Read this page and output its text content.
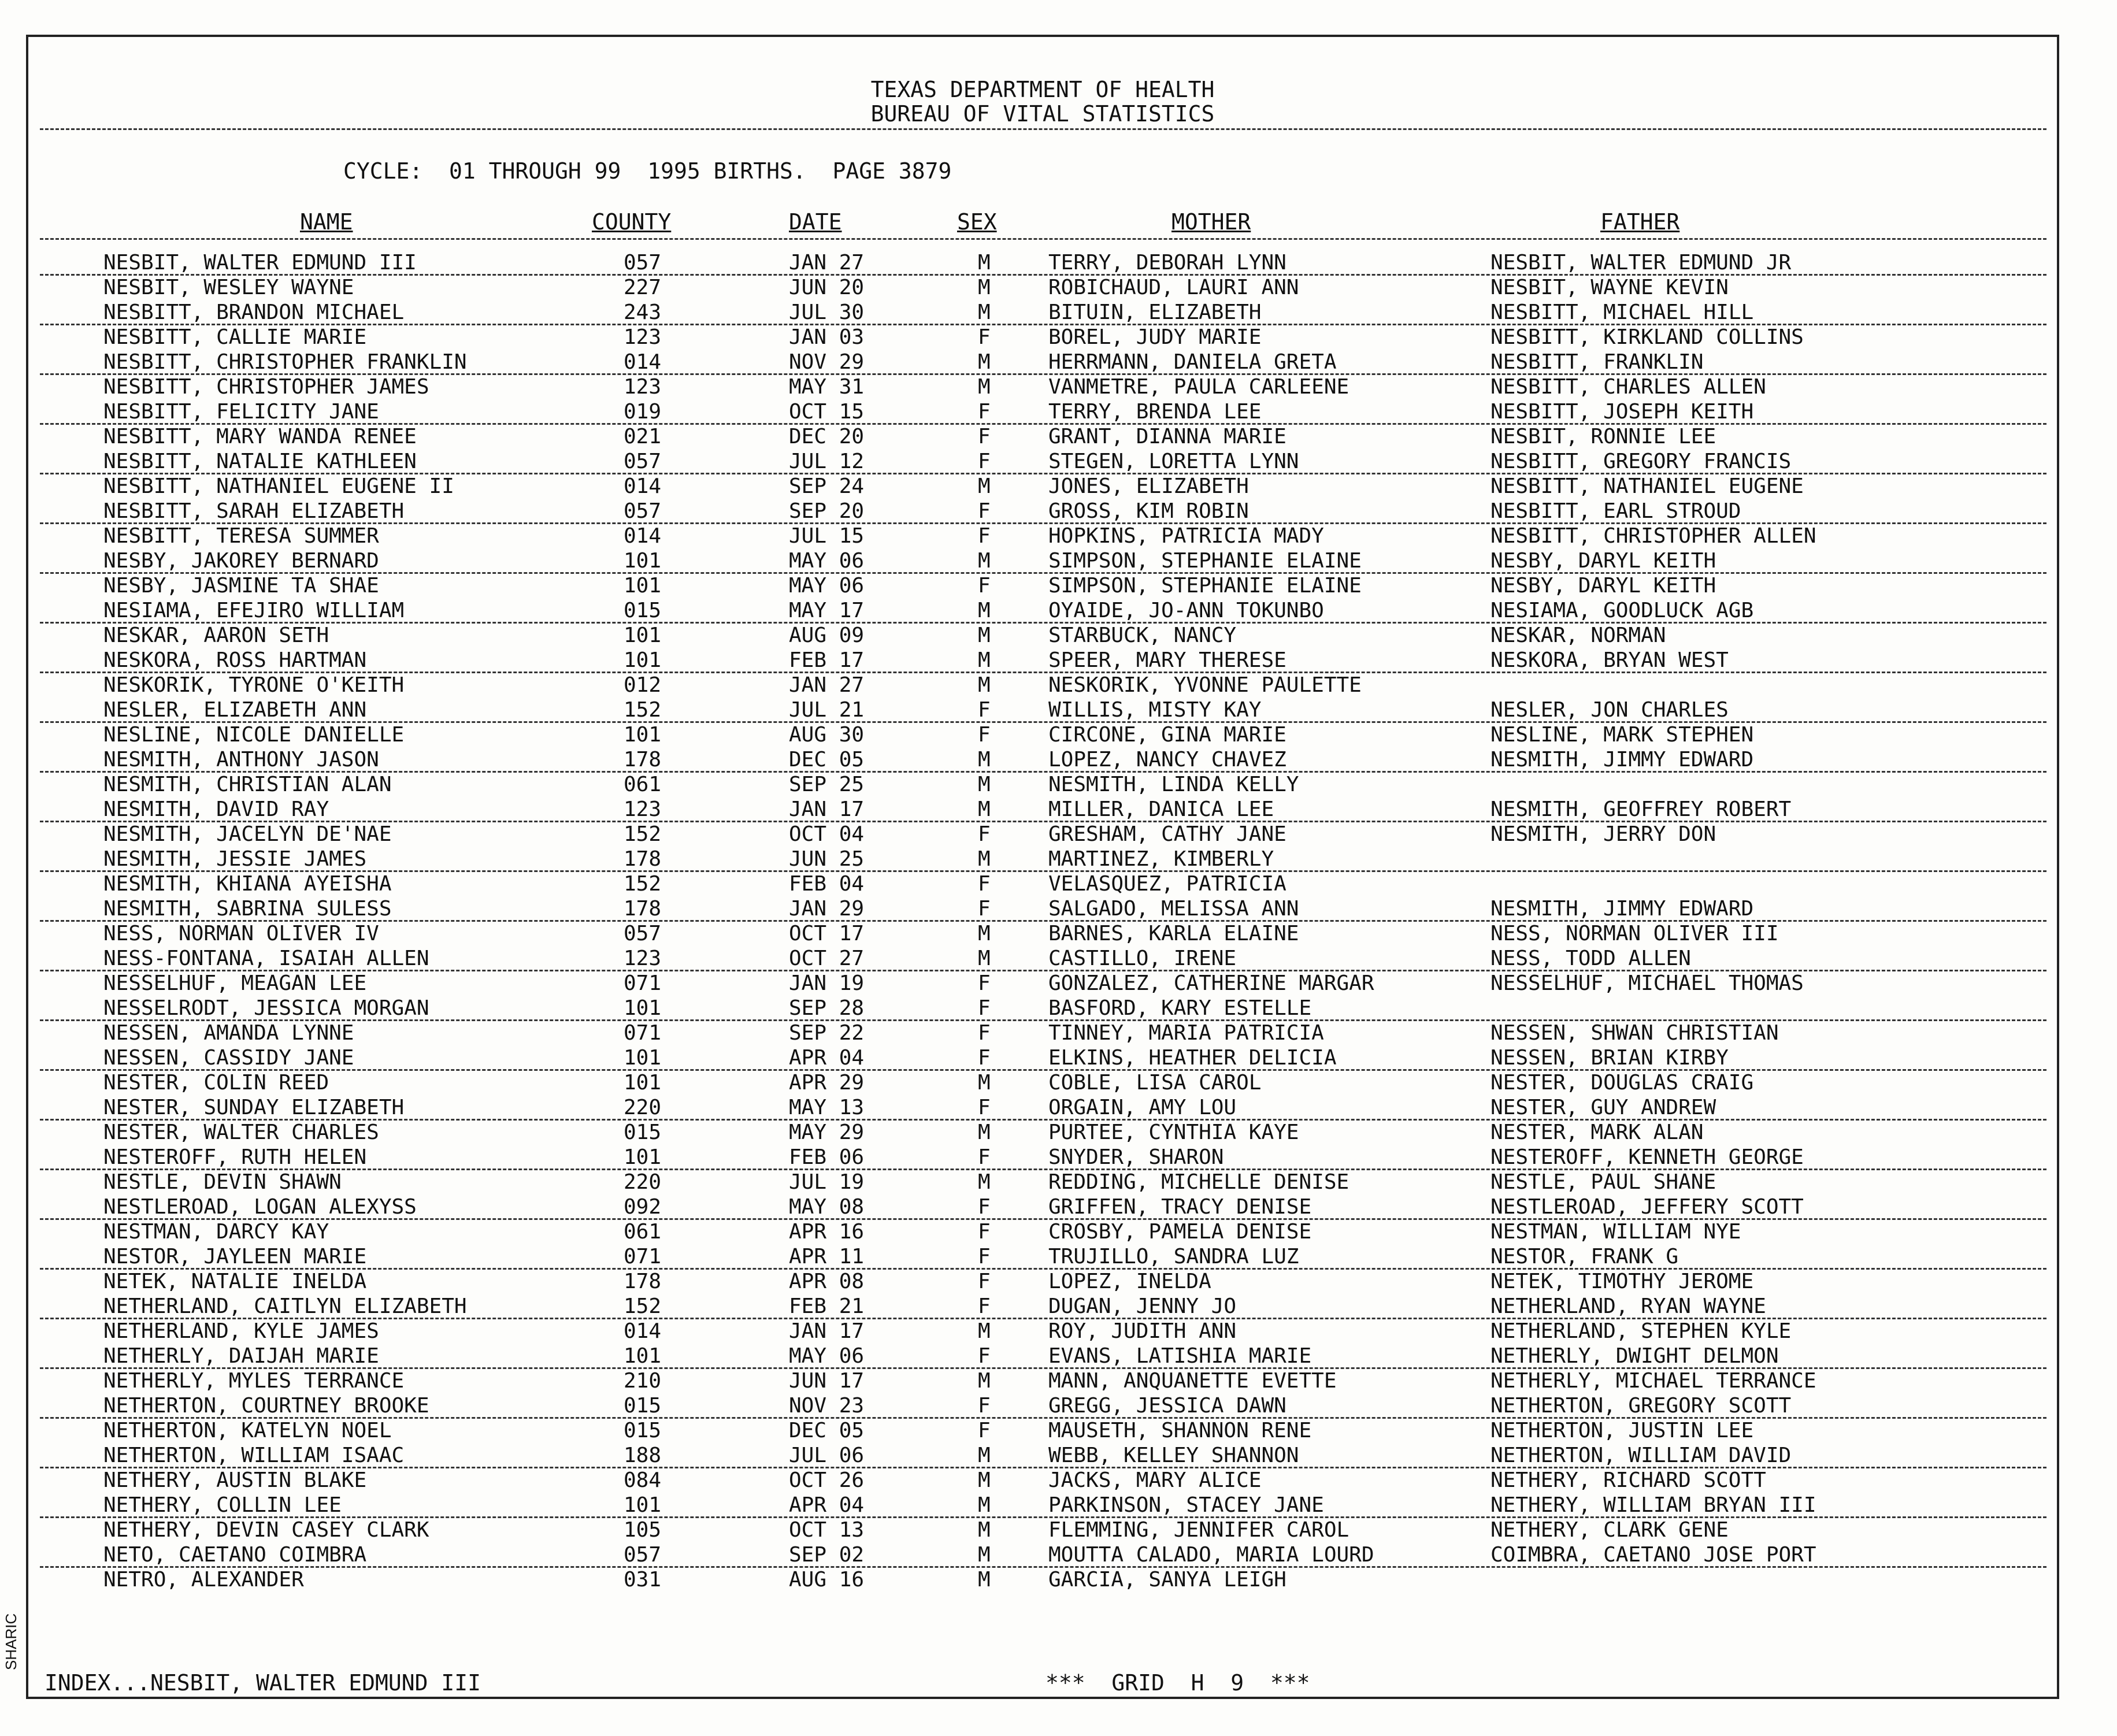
TEXAS DEPARTMENT OF HEALTH
BUREAU OF VITAL STATISTICS
CYCLE:  01 THROUGH 99  1995 BIRTHS.  PAGE 3879
NAME	COUNTY	DATE	SEX	MOTHER	FATHER
NESBIT, WALTER EDMUND III	057	JAN 27	M	TERRY, DEBORAH LYNN	NESBIT, WALTER EDMUND JR
NESBIT, WESLEY WAYNE	227	JUN 20	M	ROBICHAUD, LAURI ANN	NESBIT, WAYNE KEVIN
NESBITT, BRANDON MICHAEL	243	JUL 30	M	BITUIN, ELIZABETH	NESBITT, MICHAEL HILL
NESBITT, CALLIE MARIE	123	JAN 03	F	BOREL, JUDY MARIE	NESBITT, KIRKLAND COLLINS
NESBITT, CHRISTOPHER FRANKLIN	014	NOV 29	M	HERRMANN, DANIELA GRETA	NESBITT, FRANKLIN
NESBITT, CHRISTOPHER JAMES	123	MAY 31	M	VANMETRE, PAULA CARLEENE	NESBITT, CHARLES ALLEN
NESBITT, FELICITY JANE	019	OCT 15	F	TERRY, BRENDA LEE	NESBITT, JOSEPH KEITH
NESBITT, MARY WANDA RENEE	021	DEC 20	F	GRANT, DIANNA MARIE	NESBIT, RONNIE LEE
NESBITT, NATALIE KATHLEEN	057	JUL 12	F	STEGEN, LORETTA LYNN	NESBITT, GREGORY FRANCIS
NESBITT, NATHANIEL EUGENE II	014	SEP 24	M	JONES, ELIZABETH	NESBITT, NATHANIEL EUGENE
NESBITT, SARAH ELIZABETH	057	SEP 20	F	GROSS, KIM ROBIN	NESBITT, EARL STROUD
NESBITT, TERESA SUMMER	014	JUL 15	F	HOPKINS, PATRICIA MADY	NESBITT, CHRISTOPHER ALLEN
NESBY, JAKOREY BERNARD	101	MAY 06	M	SIMPSON, STEPHANIE ELAINE	NESBY, DARYL KEITH
NESBY, JASMINE TA SHAE	101	MAY 06	F	SIMPSON, STEPHANIE ELAINE	NESBY, DARYL KEITH
NESIAMA, EFEJIRO WILLIAM	015	MAY 17	M	OYAIDE, JO-ANN TOKUNBO	NESIAMA, GOODLUCK AGB
NESKAR, AARON SETH	101	AUG 09	M	STARBUCK, NANCY	NESKAR, NORMAN
NESKORA, ROSS HARTMAN	101	FEB 17	M	SPEER, MARY THERESE	NESKORA, BRYAN WEST
NESKORIK, TYRONE O'KEITH	012	JAN 27	M	NESKORIK, YVONNE PAULETTE
NESLER, ELIZABETH ANN	152	JUL 21	F	WILLIS, MISTY KAY	NESLER, JON CHARLES
NESLINE, NICOLE DANIELLE	101	AUG 30	F	CIRCONE, GINA MARIE	NESLINE, MARK STEPHEN
NESMITH, ANTHONY JASON	178	DEC 05	M	LOPEZ, NANCY CHAVEZ	NESMITH, JIMMY EDWARD
NESMITH, CHRISTIAN ALAN	061	SEP 25	M	NESMITH, LINDA KELLY
NESMITH, DAVID RAY	123	JAN 17	M	MILLER, DANICA LEE	NESMITH, GEOFFREY ROBERT
NESMITH, JACELYN DE'NAE	152	OCT 04	F	GRESHAM, CATHY JANE	NESMITH, JERRY DON
NESMITH, JESSIE JAMES	178	JUN 25	M	MARTINEZ, KIMBERLY
NESMITH, KHIANA AYEISHA	152	FEB 04	F	VELASQUEZ, PATRICIA
NESMITH, SABRINA SULESS	178	JAN 29	F	SALGADO, MELISSA ANN	NESMITH, JIMMY EDWARD
NESS, NORMAN OLIVER IV	057	OCT 17	M	BARNES, KARLA ELAINE	NESS, NORMAN OLIVER III
NESS-FONTANA, ISAIAH ALLEN	123	OCT 27	M	CASTILLO, IRENE	NESS, TODD ALLEN
NESSELHUF, MEAGAN LEE	071	JAN 19	F	GONZALEZ, CATHERINE MARGAR	NESSELHUF, MICHAEL THOMAS
NESSELRODT, JESSICA MORGAN	101	SEP 28	F	BASFORD, KARY ESTELLE
NESSEN, AMANDA LYNNE	071	SEP 22	F	TINNEY, MARIA PATRICIA	NESSEN, SHWAN CHRISTIAN
NESSEN, CASSIDY JANE	101	APR 04	F	ELKINS, HEATHER DELICIA	NESSEN, BRIAN KIRBY
NESTER, COLIN REED	101	APR 29	M	COBLE, LISA CAROL	NESTER, DOUGLAS CRAIG
NESTER, SUNDAY ELIZABETH	220	MAY 13	F	ORGAIN, AMY LOU	NESTER, GUY ANDREW
NESTER, WALTER CHARLES	015	MAY 29	M	PURTEE, CYNTHIA KAYE	NESTER, MARK ALAN
NESTEROFF, RUTH HELEN	101	FEB 06	F	SNYDER, SHARON	NESTEROFF, KENNETH GEORGE
NESTLE, DEVIN SHAWN	220	JUL 19	M	REDDING, MICHELLE DENISE	NESTLE, PAUL SHANE
NESTLEROAD, LOGAN ALEXYSS	092	MAY 08	F	GRIFFEN, TRACY DENISE	NESTLEROAD, JEFFERY SCOTT
NESTMAN, DARCY KAY	061	APR 16	F	CROSBY, PAMELA DENISE	NESTMAN, WILLIAM NYE
NESTOR, JAYLEEN MARIE	071	APR 11	F	TRUJILLO, SANDRA LUZ	NESTOR, FRANK G
NETEK, NATALIE INELDA	178	APR 08	F	LOPEZ, INELDA	NETEK, TIMOTHY JEROME
NETHERLAND, CAITLYN ELIZABETH	152	FEB 21	F	DUGAN, JENNY JO	NETHERLAND, RYAN WAYNE
NETHERLAND, KYLE JAMES	014	JAN 17	M	ROY, JUDITH ANN	NETHERLAND, STEPHEN KYLE
NETHERLY, DAIJAH MARIE	101	MAY 06	F	EVANS, LATISHIA MARIE	NETHERLY, DWIGHT DELMON
NETHERLY, MYLES TERRANCE	210	JUN 17	M	MANN, ANQUANETTE EVETTE	NETHERLY, MICHAEL TERRANCE
NETHERTON, COURTNEY BROOKE	015	NOV 23	F	GREGG, JESSICA DAWN	NETHERTON, GREGORY SCOTT
NETHERTON, KATELYN NOEL	015	DEC 05	F	MAUSETH, SHANNON RENE	NETHERTON, JUSTIN LEE
NETHERTON, WILLIAM ISAAC	188	JUL 06	M	WEBB, KELLEY SHANNON	NETHERTON, WILLIAM DAVID
NETHERY, AUSTIN BLAKE	084	OCT 26	M	JACKS, MARY ALICE	NETHERY, RICHARD SCOTT
NETHERY, COLLIN LEE	101	APR 04	M	PARKINSON, STACEY JANE	NETHERY, WILLIAM BRYAN III
NETHERY, DEVIN CASEY CLARK	105	OCT 13	M	FLEMMING, JENNIFER CAROL	NETHERY, CLARK GENE
NETO, CAETANO COIMBRA	057	SEP 02	M	MOUTTA CALADO, MARIA LOURD	COIMBRA, CAETANO JOSE PORT
NETRO, ALEXANDER	031	AUG 16	M	GARCIA, SANYA LEIGH
INDEX...NESBIT, WALTER EDMUND III	***  GRID  H  9  ***
SHARIC
